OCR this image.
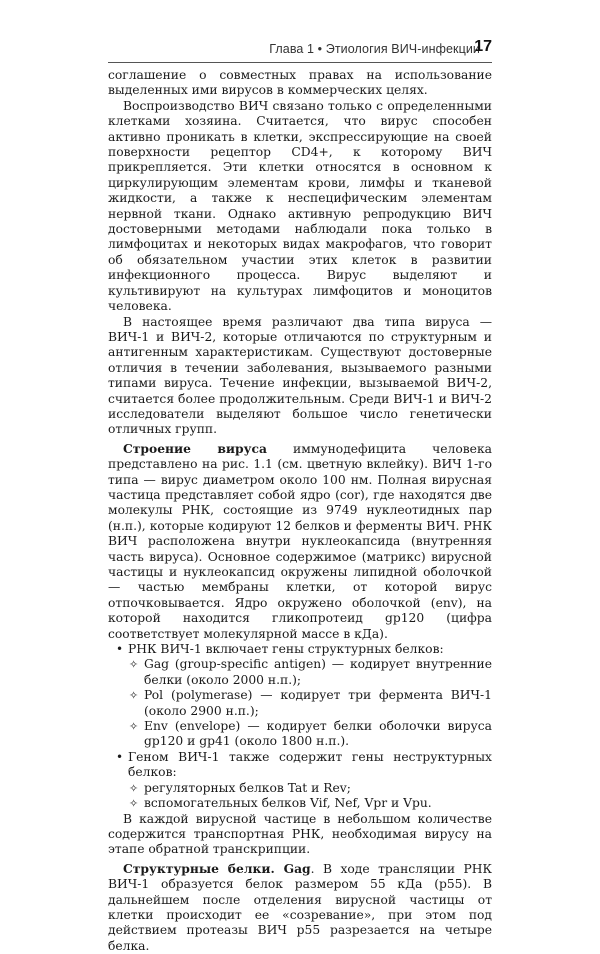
Глава 1 • Этиология ВИЧ-инфекции
17

соглашение о совместных правах на использование выделенных ими вирусов в коммерческих целях.

Воспроизводство ВИЧ связано только с определенными клетками хозяина. Считается, что вирус способен активно проникать в клетки, экспрессирующие на своей поверхности рецептор CD4+, к которому ВИЧ прикрепляется. Эти клетки относятся в основном к циркулирующим элементам крови, лимфы и тканевой жидкости, а также к неспецифическим элементам нервной ткани. Однако активную репродукцию ВИЧ достоверными методами наблюдали пока только в лимфоцитах и некоторых видах макрофагов, что говорит об обязательном участии этих клеток в развитии инфекционного процесса. Вирус выделяют и культивируют на культурах лимфоцитов и моноцитов человека.

В настоящее время различают два типа вируса — ВИЧ-1 и ВИЧ-2, которые отличаются по структурным и антигенным характеристикам. Существуют достоверные отличия в течении заболевания, вызываемого разными типами вируса. Течение инфекции, вызываемой ВИЧ-2, считается более продолжительным. Среди ВИЧ-1 и ВИЧ-2 исследователи выделяют большое число генетически отличных групп.

Строение вируса иммунодефицита человека представлено на рис. 1.1 (см. цветную вклейку). ВИЧ 1-го типа — вирус диаметром около 100 нм. Полная вирусная частица представляет собой ядро (cor), где находятся две молекулы РНК, состоящие из 9749 нуклеотидных пар (н.п.), которые кодируют 12 белков и ферменты ВИЧ. РНК ВИЧ расположена внутри нуклеокапсида (внутренняя часть вируса). Основное содержимое (матрикс) вирусной частицы и нуклеокапсид окружены липидной оболочкой — частью мембраны клетки, от которой вирус отпочковывается. Ядро окружено оболочкой (env), на которой находится гликопротеид gp120 (цифра соответствует молекулярной массе в кДа).

• РНК ВИЧ-1 включает гены структурных белков:
✧ Gag (group-specific antigen) — кодирует внутренние белки (около 2000 н.п.);
✧ Pol (polymerase) — кодирует три фермента ВИЧ-1 (около 2900 н.п.);
✧ Env (envelope) — кодирует белки оболочки вируса gp120 и gp41 (около 1800 н.п.).
• Геном ВИЧ-1 также содержит гены неструктурных белков:
✧ регуляторных белков Tat и Rev;
✧ вспомогательных белков Vif, Nef, Vpr и Vpu.

В каждой вирусной частице в небольшом количестве содержится транспортная РНК, необходимая вирусу на этапе обратной транскрипции.

Структурные белки. Gag. В ходе трансляции РНК ВИЧ-1 образуется белок размером 55 кДа (p55). В дальнейшем после отделения вирусной частицы от клетки происходит ее «созревание», при этом под действием протеазы ВИЧ p55 разрезается на четыре белка.
